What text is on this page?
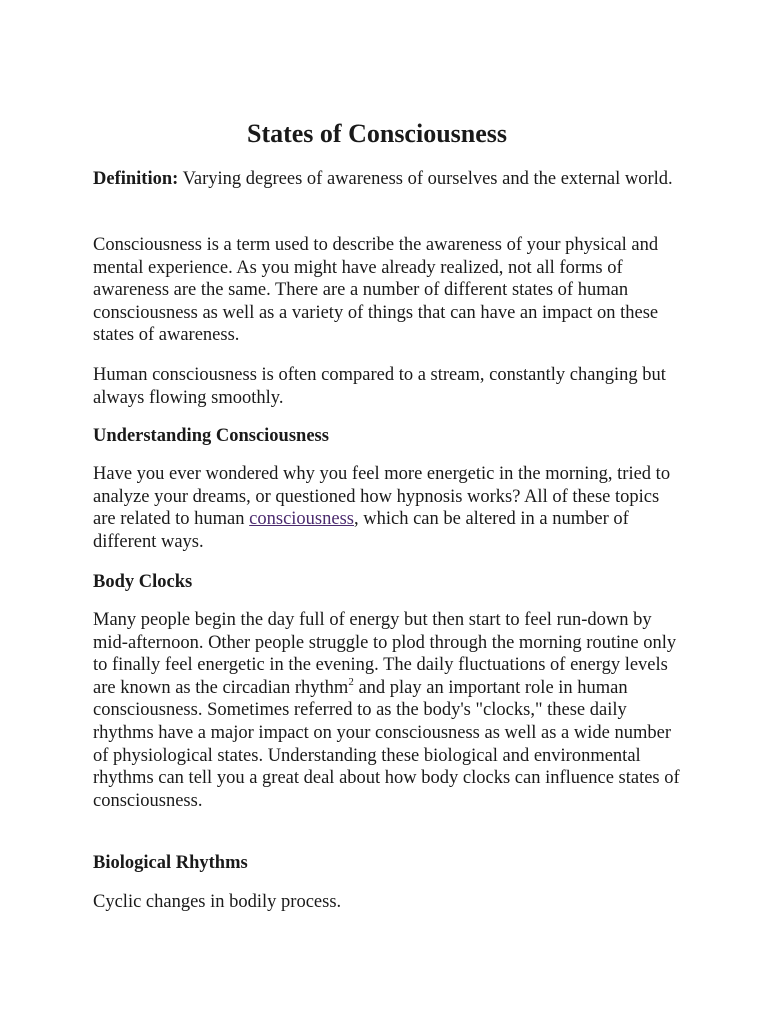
States of Consciousness

Definition: Varying degrees of awareness of ourselves and the external world.

Consciousness is a term used to describe the awareness of your physical and mental experience. As you might have already realized, not all forms of awareness are the same. There are a number of different states of human consciousness as well as a variety of things that can have an impact on these states of awareness.

Human consciousness is often compared to a stream, constantly changing but always flowing smoothly.

Understanding Consciousness

Have you ever wondered why you feel more energetic in the morning, tried to analyze your dreams, or questioned how hypnosis works? All of these topics are related to human consciousness, which can be altered in a number of different ways.

Body Clocks

Many people begin the day full of energy but then start to feel run-down by mid-afternoon. Other people struggle to plod through the morning routine only to finally feel energetic in the evening. The daily fluctuations of energy levels are known as the circadian rhythm$^2$ and play an important role in human
consciousness. Sometimes referred to as the body's "clocks," these daily rhythms have a major impact on your consciousness as well as a wide number of physiological states. Understanding these biological and environmental rhythms can tell you a great deal about how body clocks can influence states of consciousness.

Biological Rhythms

Cyclic changes in bodily process.
